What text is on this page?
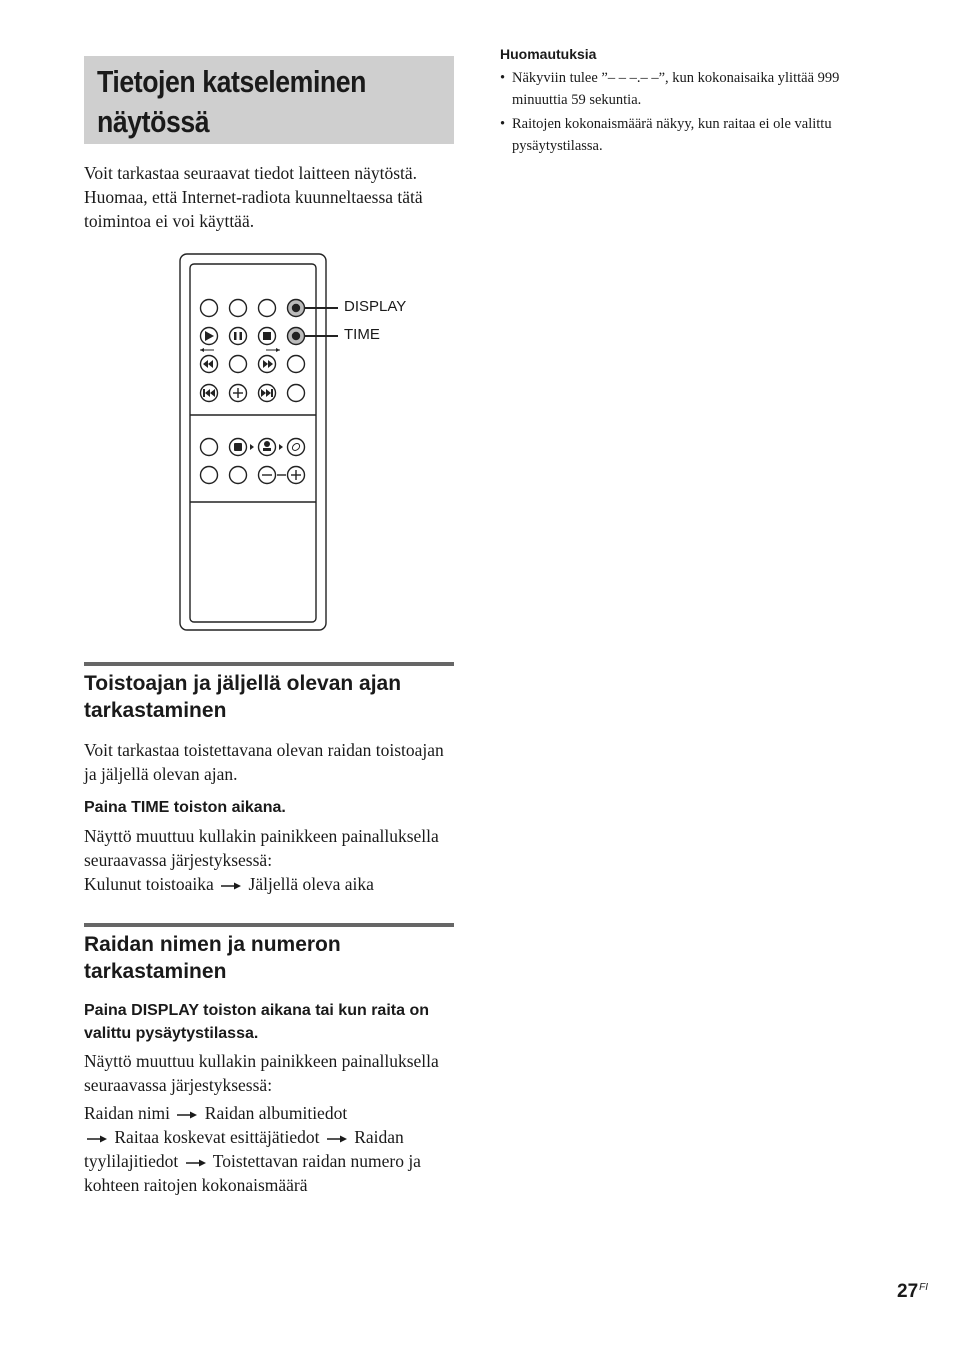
Tietojen katseleminen
näytössä

Voit tarkastaa seuraavat tiedot laitteen näytöstä. Huomaa, että Internet-radiota kuunneltaessa tätä toimintoa ei voi käyttää.

DISPLAY
TIME
Toistoajan ja jäljellä olevan ajan tarkastaminen

Voit tarkastaa toistettavana olevan raidan toistoajan ja jäljellä olevan ajan.

Paina TIME toiston aikana.

Näyttö muuttuu kullakin painikkeen painalluksella seuraavassa järjestyksessä:
Kulunut toistoaika Jäljellä oleva aika

Raidan nimen ja numeron tarkastaminen

Paina DISPLAY toiston aikana tai kun raita on valittu pysäytystilassa.

Näyttö muuttuu kullakin painikkeen painalluksella seuraavassa järjestyksessä:

Raidan nimi Raidan albumitiedot
Raitaa koskevat esittäjätiedot Raidan tyylilajitiedot Toistettavan raidan numero ja kohteen raitojen kokonaismäärä

Huomautuksia
• Näkyviin tulee ”– – –.– –”, kun kokonaisaika ylittää 999 minuuttia 59 sekuntia.
• Raitojen kokonaismäärä näkyy, kun raitaa ei ole valittu pysäytystilassa.
$27^{FI}$
